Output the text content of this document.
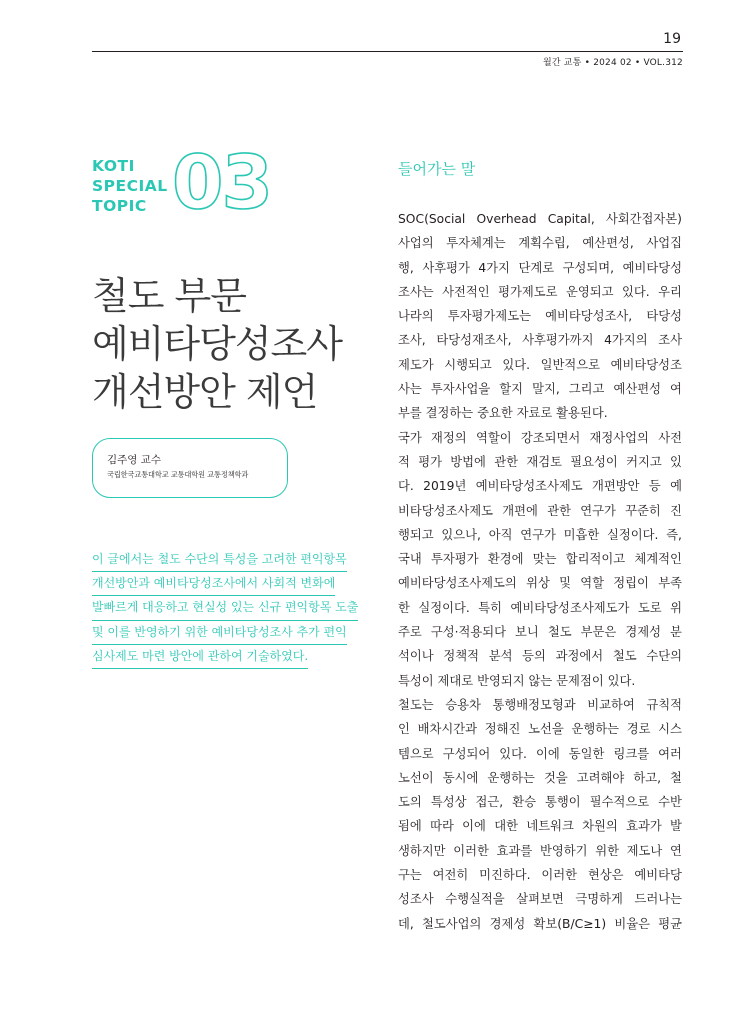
19
월간 교통 • 2024 02 • VOL.312
KOTI
SPECIAL
TOPIC 03
철도 부문
예비타당성조사
개선방안 제언
김주영 교수
국립한국교통대학교 교통대학원 교통정책학과
이 글에서는 철도 수단의 특성을 고려한 편익항목
개선방안과 예비타당성조사에서 사회적 변화에
발빠르게 대응하고 현실성 있는 신규 편익항목 도출
및 이를 반영하기 위한 예비타당성조사 추가 편익
심사제도 마련 방안에 관하여 기술하였다.
들어가는 말
SOC(Social Overhead Capital, 사회간접자본)
사업의 투자체계는 계획수립, 예산편성, 사업집
행, 사후평가 4가지 단계로 구성되며, 예비타당성
조사는 사전적인 평가제도로 운영되고 있다. 우리
나라의 투자평가제도는 예비타당성조사, 타당성
조사, 타당성재조사, 사후평가까지 4가지의 조사
제도가 시행되고 있다. 일반적으로 예비타당성조
사는 투자사업을 할지 말지, 그리고 예산편성 여
부를 결정하는 중요한 자료로 활용된다.
국가 재정의 역할이 강조되면서 재정사업의 사전
적 평가 방법에 관한 재검토 필요성이 커지고 있
다. 2019년 예비타당성조사제도 개편방안 등 예
비타당성조사제도 개편에 관한 연구가 꾸준히 진
행되고 있으나, 아직 연구가 미흡한 실정이다. 즉,
국내 투자평가 환경에 맞는 합리적이고 체계적인
예비타당성조사제도의 위상 및 역할 정립이 부족
한 실정이다. 특히 예비타당성조사제도가 도로 위
주로 구성·적용되다 보니 철도 부문은 경제성 분
석이나 정책적 분석 등의 과정에서 철도 수단의
특성이 제대로 반영되지 않는 문제점이 있다.
철도는 승용차 통행배정모형과 비교하여 규칙적
인 배차시간과 정해진 노선을 운행하는 경로 시스
템으로 구성되어 있다. 이에 동일한 링크를 여러
노선이 동시에 운행하는 것을 고려해야 하고, 철
도의 특성상 접근, 환승 통행이 필수적으로 수반
됨에 따라 이에 대한 네트워크 차원의 효과가 발
생하지만 이러한 효과를 반영하기 위한 제도나 연
구는 여전히 미진하다. 이러한 현상은 예비타당
성조사 수행실적을 살펴보면 극명하게 드러나는
데, 철도사업의 경제성 확보(B/C≥1) 비율은 평균
